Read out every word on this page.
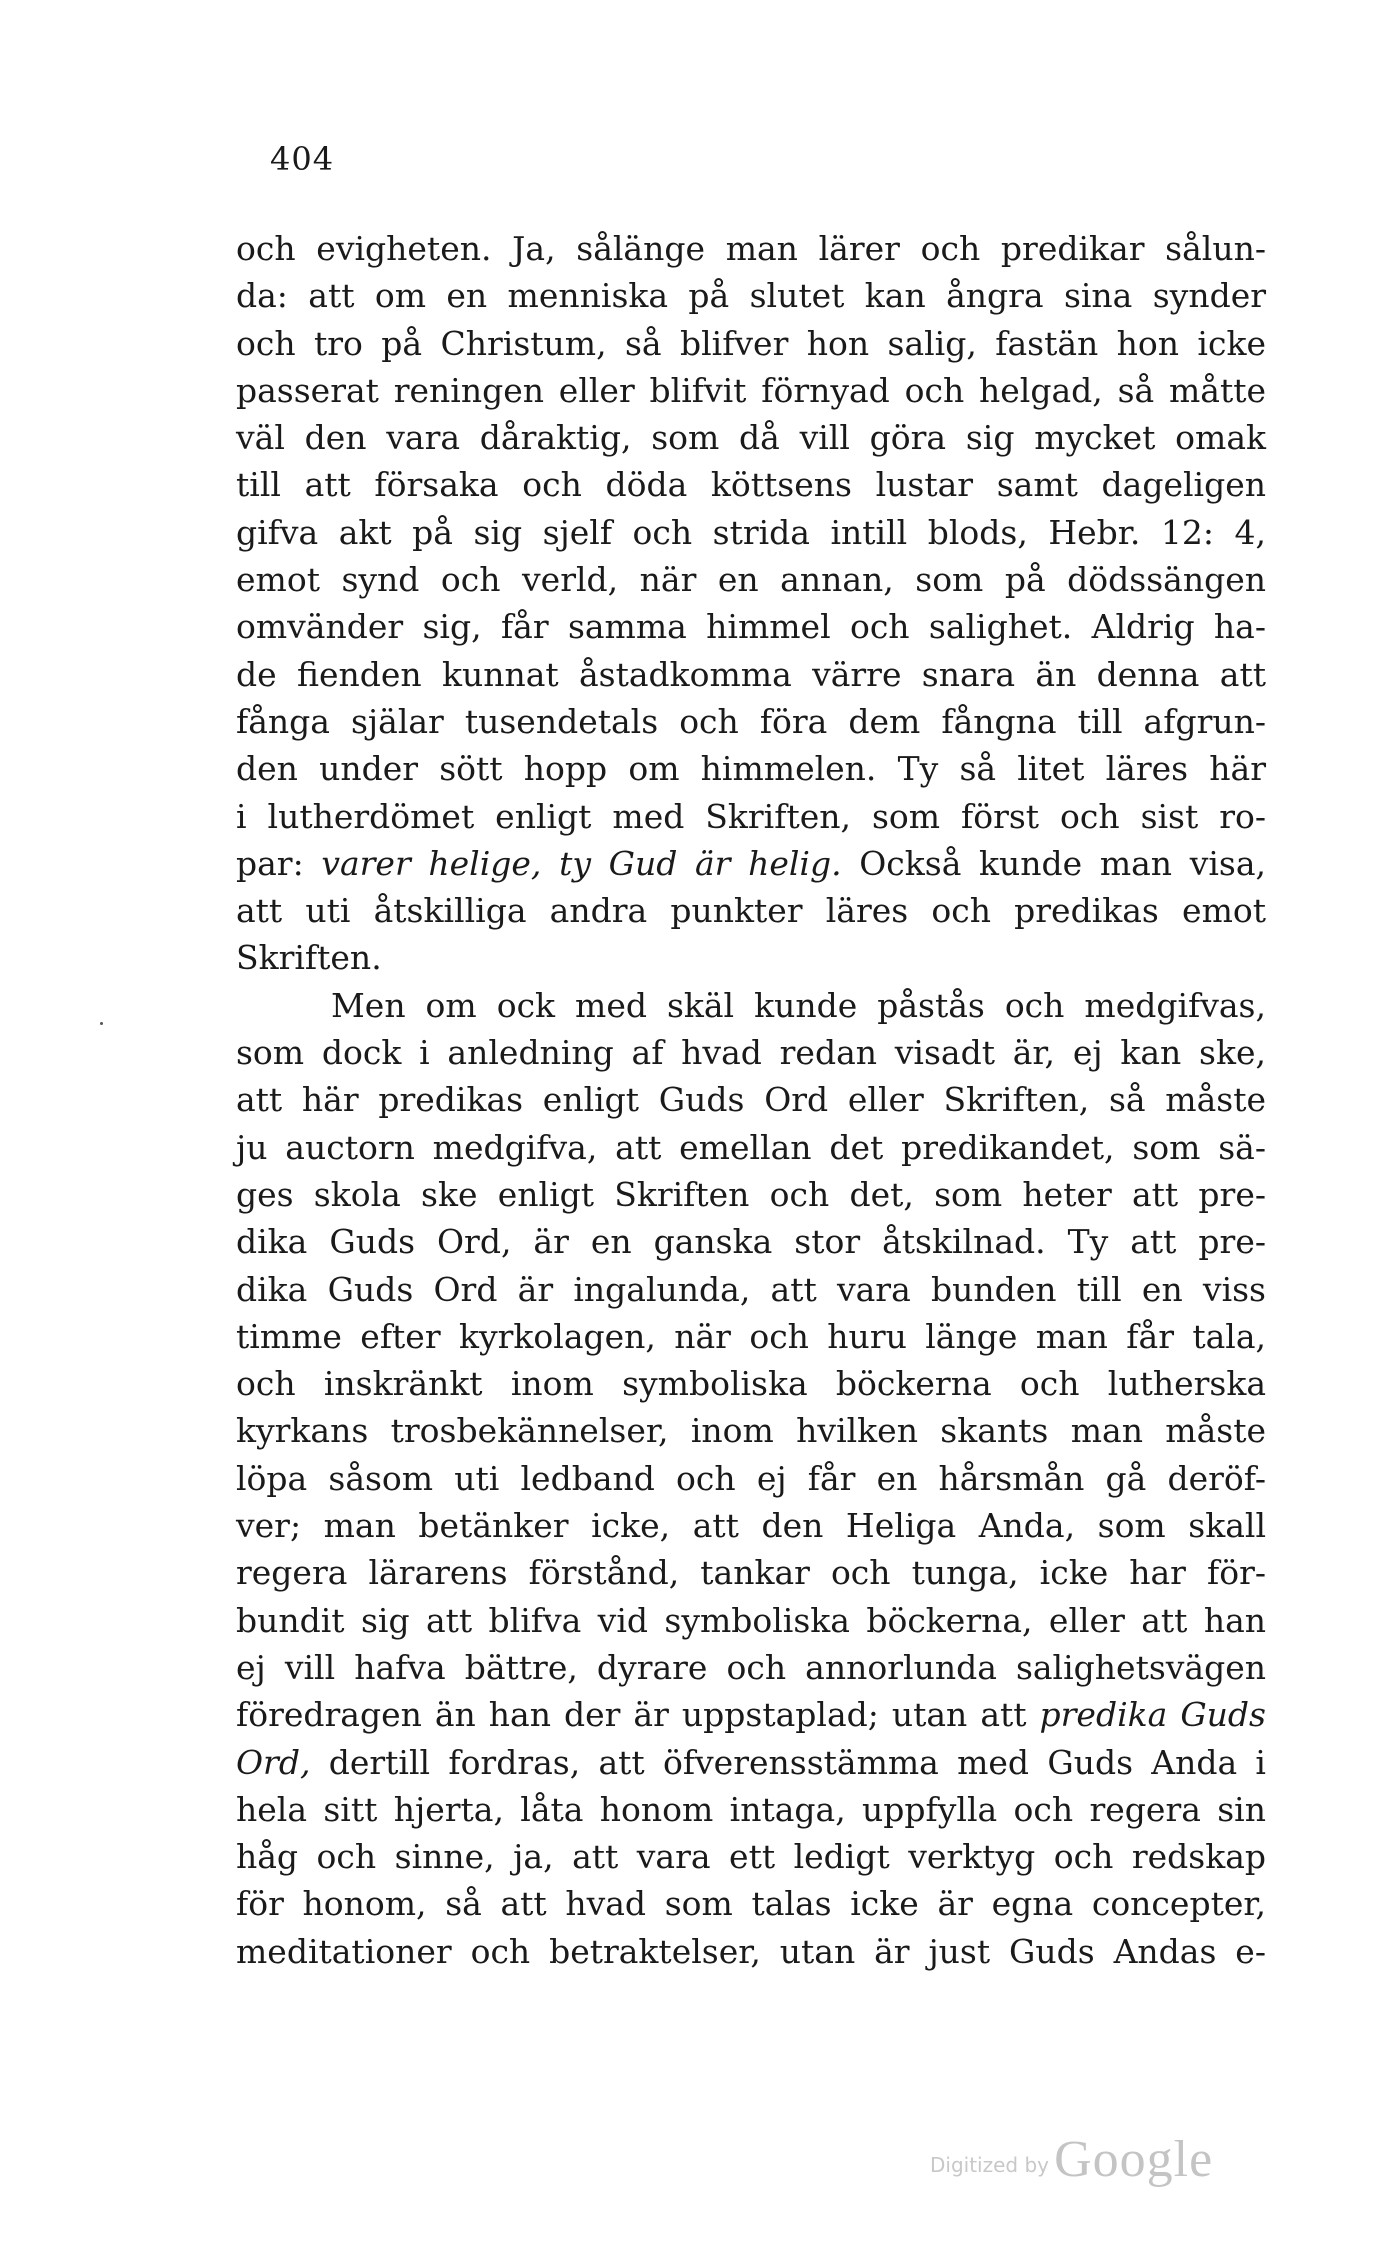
404
och evigheten. Ja, sålänge man lärer och predikar sålun-
da: att om en menniska på slutet kan ångra sina synder
och tro på Christum, så blifver hon salig, fastän hon icke
passerat reningen eller blifvit förnyad och helgad, så måtte
väl den vara dåraktig, som då vill göra sig mycket omak
till att försaka och döda köttsens lustar samt dageligen
gifva akt på sig sjelf och strida intill blods, Hebr. 12: 4,
emot synd och verld, när en annan, som på dödssängen
omvänder sig, får samma himmel och salighet. Aldrig ha-
de fienden kunnat åstadkomma värre snara än denna att
fånga själar tusendetals och föra dem fångna till afgrun-
den under sött hopp om himmelen. Ty så litet läres här
i lutherdömet enligt med Skriften, som först och sist ro-
par: varer helige, ty Gud är helig. Också kunde man visa,
att uti åtskilliga andra punkter läres och predikas emot
Skriften.
Men om ock med skäl kunde påstås och medgifvas,
som dock i anledning af hvad redan visadt är, ej kan ske,
att här predikas enligt Guds Ord eller Skriften, så måste
ju auctorn medgifva, att emellan det predikandet, som sä-
ges skola ske enligt Skriften och det, som heter att pre-
dika Guds Ord, är en ganska stor åtskilnad. Ty att pre-
dika Guds Ord är ingalunda, att vara bunden till en viss
timme efter kyrkolagen, när och huru länge man får tala,
och inskränkt inom symboliska böckerna och lutherska
kyrkans trosbekännelser, inom hvilken skants man måste
löpa såsom uti ledband och ej får en hårsmån gå deröf-
ver; man betänker icke, att den Heliga Anda, som skall
regera lärarens förstånd, tankar och tunga, icke har för-
bundit sig att blifva vid symboliska böckerna, eller att han
ej vill hafva bättre, dyrare och annorlunda salighetsvägen
föredragen än han der är uppstaplad; utan att predika Guds
Ord, dertill fordras, att öfverensstämma med Guds Anda i
hela sitt hjerta, låta honom intaga, uppfylla och regera sin
håg och sinne, ja, att vara ett ledigt verktyg och redskap
för honom, så att hvad som talas icke är egna concepter,
meditationer och betraktelser, utan är just Guds Andas e-
Digitized by Google
